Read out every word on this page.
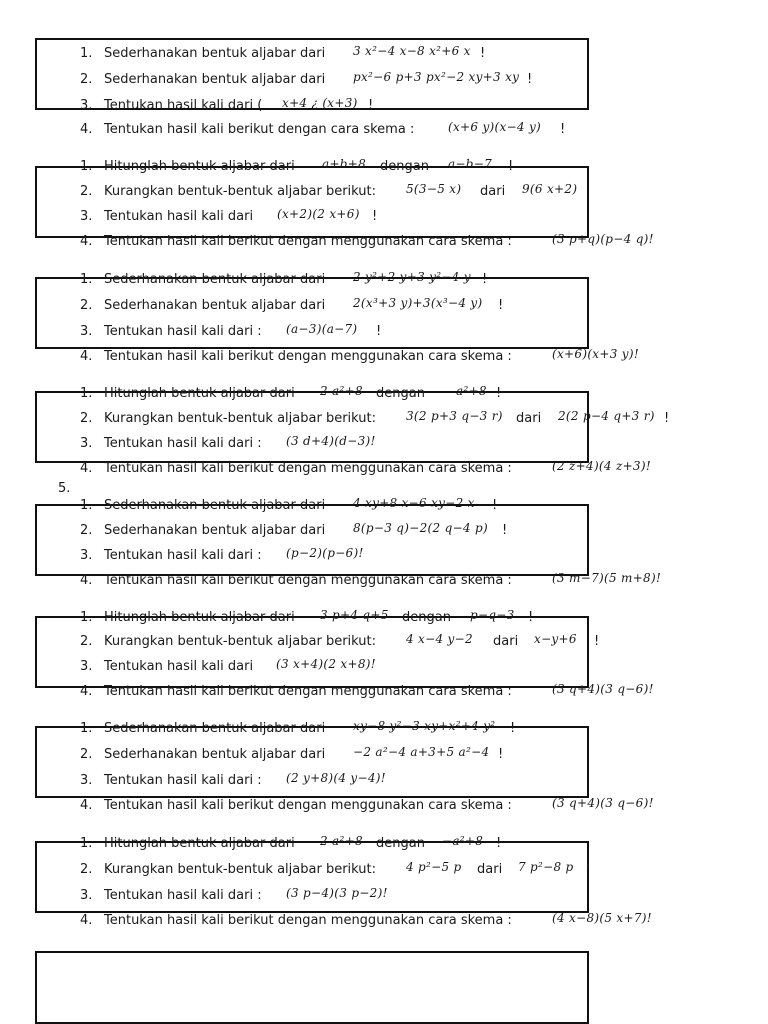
1. Sederhanakan bentuk aljabar dari 3 x²−4 x−8 x²+6 x !
2. Sederhanakan bentuk aljabar dari px²−6 p+3 px²−2 xy+3 xy !
3. Tentukan hasil kali dari ( x+4 ¿ (x+3) !
4. Tentukan hasil kali berikut dengan cara skema :	(x+6 y)(x−4 y) !
1. Hitunglah bentuk aljabar dari a+b+8 dengan a−b−7 !
2. Kurangkan bentuk-bentuk aljabar berikut:	5(3−5 x) dari 9(6 x+2)
3. Tentukan hasil kali dari (x+2)(2 x+6) !
4. Tentukan hasil kali berikut dengan menggunakan cara skema :	(3 p+q)(p−4 q)!
1. Sederhanakan bentuk aljabar dari 2 y²+2 y+3 y²−4 y !
2. Sederhanakan bentuk aljabar dari 2(x³+3 y)+3(x³−4 y) !
3. Tentukan hasil kali dari : (a−3)(a−7) !
4. Tentukan hasil kali berikut dengan menggunakan cara skema :	(x+6)(x+3 y)!
1. Hitunglah bentuk aljabar dari 2 a²+8 dengan	a²+8 !
2. Kurangkan bentuk-bentuk aljabar berikut:	3(2 p+3 q−3 r) dari 2(2 p−4 q+3 r) !
3. Tentukan hasil kali dari : (3 d+4)(d−3)!
4. Tentukan hasil kali berikut dengan menggunakan cara skema :	(2 z+4)(4 z+3)!
5.
1. Sederhanakan bentuk aljabar dari 4 xy+8 x−6 xy−2 x !
2. Sederhanakan bentuk aljabar dari 8(p−3 q)−2(2 q−4 p) !
3. Tentukan hasil kali dari : (p−2)(p−6)!
4. Tentukan hasil kali berikut dengan menggunakan cara skema :	(3 m−7)(5 m+8)!
1. Hitunglah bentuk aljabar dari 3 p+4 q+5 dengan p−q−3 !
2. Kurangkan bentuk-bentuk aljabar berikut:	4 x−4 y−2 dari x−y+6 !
3. Tentukan hasil kali dari (3 x+4)(2 x+8)!
4. Tentukan hasil kali berikut dengan menggunakan cara skema :	(3 q+4)(3 q−6)!
1. Sederhanakan bentuk aljabar dari xy−8 y²−3 xy+x²+4 y² !
2. Sederhanakan bentuk aljabar dari −2 a²−4 a+3+5 a²−4 !
3. Tentukan hasil kali dari : (2 y+8)(4 y−4)!
4. Tentukan hasil kali berikut dengan menggunakan cara skema :	(3 q+4)(3 q−6)!
1. Hitunglah bentuk aljabar dari 2 a²+8 dengan −a²+8 !
2. Kurangkan bentuk-bentuk aljabar berikut:	4 p²−5 p dari 7 p²−8 p !
3. Tentukan hasil kali dari : (3 p−4)(3 p−2)!
4. Tentukan hasil kali berikut dengan menggunakan cara skema :	(4 x−8)(5 x+7)!
